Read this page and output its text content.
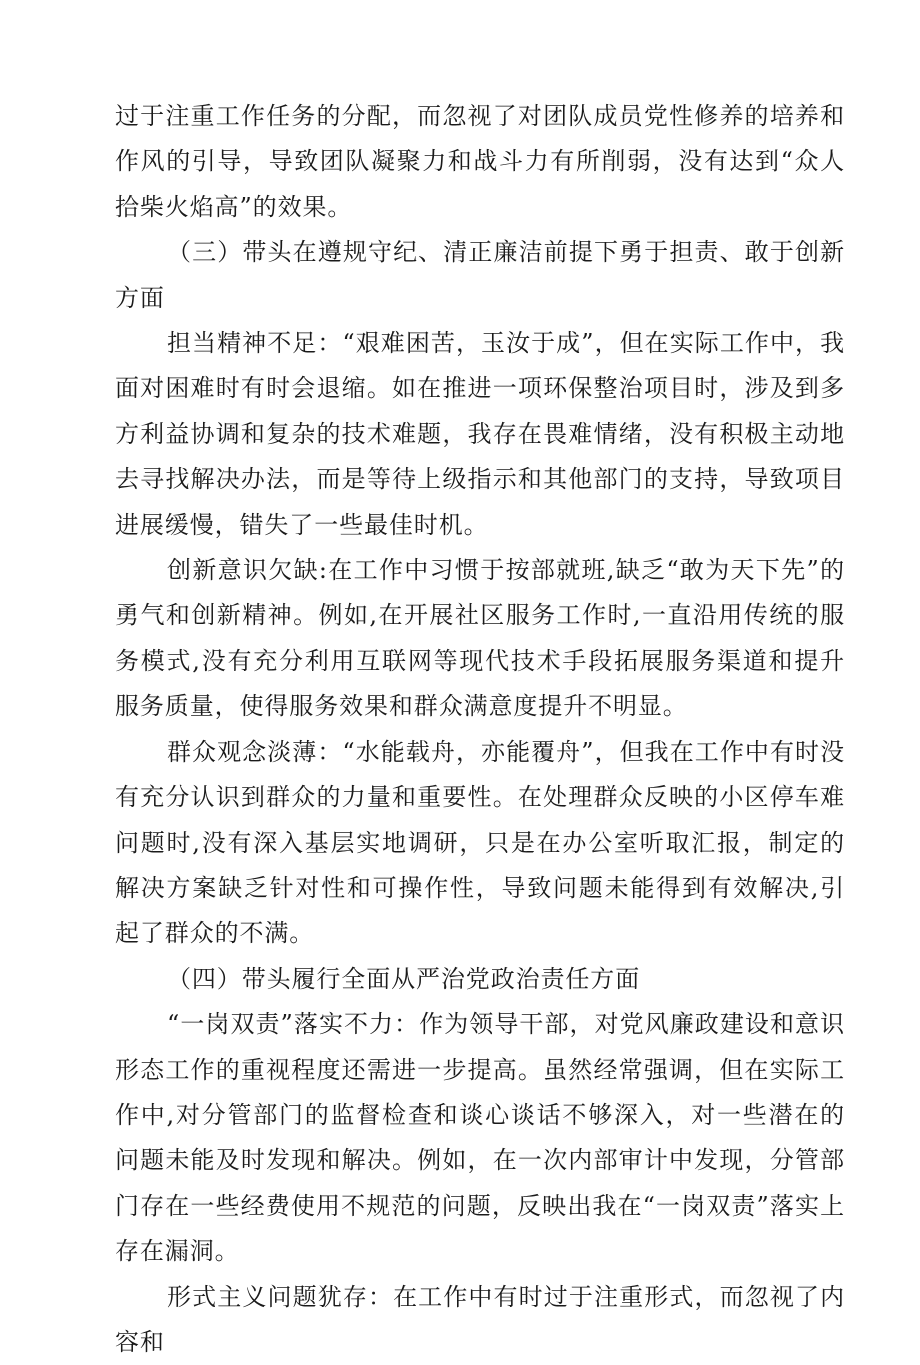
过于注重工作任务的分配，而忽视了对团队成员党性修养的培养和作风的引导，导致团队凝聚力和战斗力有所削弱，没有达到“众人拾柴火焰高”的效果。

（三）带头在遵规守纪、清正廉洁前提下勇于担责、敢于创新方面

担当精神不足：“艰难困苦，玉汝于成”，但在实际工作中，我面对困难时有时会退缩。如在推进一项环保整治项目时，涉及到多方利益协调和复杂的技术难题，我存在畏难情绪，没有积极主动地去寻找解决办法，而是等待上级指示和其他部门的支持，导致项目进展缓慢，错失了一些最佳时机。

创新意识欠缺:在工作中习惯于按部就班,缺乏“敢为天下先”的勇气和创新精神。例如,在开展社区服务工作时,一直沿用传统的服务模式,没有充分利用互联网等现代技术手段拓展服务渠道和提升服务质量，使得服务效果和群众满意度提升不明显。

群众观念淡薄：“水能载舟，亦能覆舟”，但我在工作中有时没有充分认识到群众的力量和重要性。在处理群众反映的小区停车难问题时,没有深入基层实地调研，只是在办公室听取汇报，制定的解决方案缺乏针对性和可操作性，导致问题未能得到有效解决,引起了群众的不满。

（四）带头履行全面从严治党政治责任方面

“一岗双责”落实不力：作为领导干部，对党风廉政建设和意识形态工作的重视程度还需进一步提高。虽然经常强调，但在实际工作中,对分管部门的监督检查和谈心谈话不够深入，对一些潜在的问题未能及时发现和解决。例如，在一次内部审计中发现，分管部门存在一些经费使用不规范的问题，反映出我在“一岗双责”落实上存在漏洞。

形式主义问题犹存：在工作中有时过于注重形式，而忽视了内容和
